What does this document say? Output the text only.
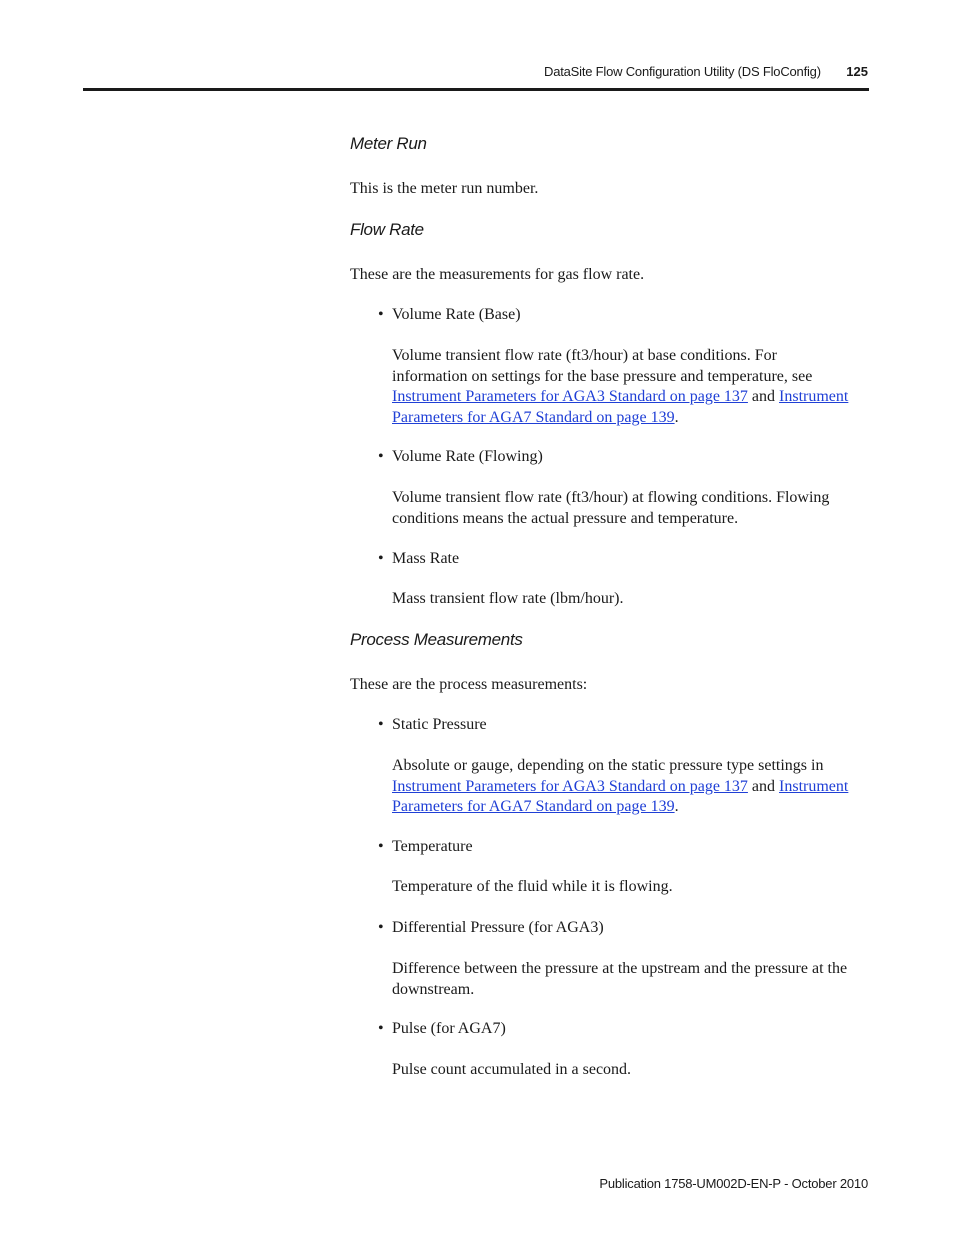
DataSite Flow Configuration Utility (DS FloConfig) 125
Meter Run
This is the meter run number.
Flow Rate
These are the measurements for gas flow rate.
• Volume Rate (Base)
Volume transient flow rate (ft3/hour) at base conditions. For
information on settings for the base pressure and temperature, see
Instrument Parameters for AGA3 Standard on page 137 and Instrument
Parameters for AGA7 Standard on page 139.
• Volume Rate (Flowing)
Volume transient flow rate (ft3/hour) at flowing conditions. Flowing
conditions means the actual pressure and temperature.
• Mass Rate
Mass transient flow rate (lbm/hour).
Process Measurements
These are the process measurements:
• Static Pressure
Absolute or gauge, depending on the static pressure type settings in
Instrument Parameters for AGA3 Standard on page 137 and Instrument
Parameters for AGA7 Standard on page 139.
• Temperature
Temperature of the fluid while it is flowing.
• Differential Pressure (for AGA3)
Difference between the pressure at the upstream and the pressure at the
downstream.
• Pulse (for AGA7)
Pulse count accumulated in a second.
Publication 1758-UM002D-EN-P - October 2010
